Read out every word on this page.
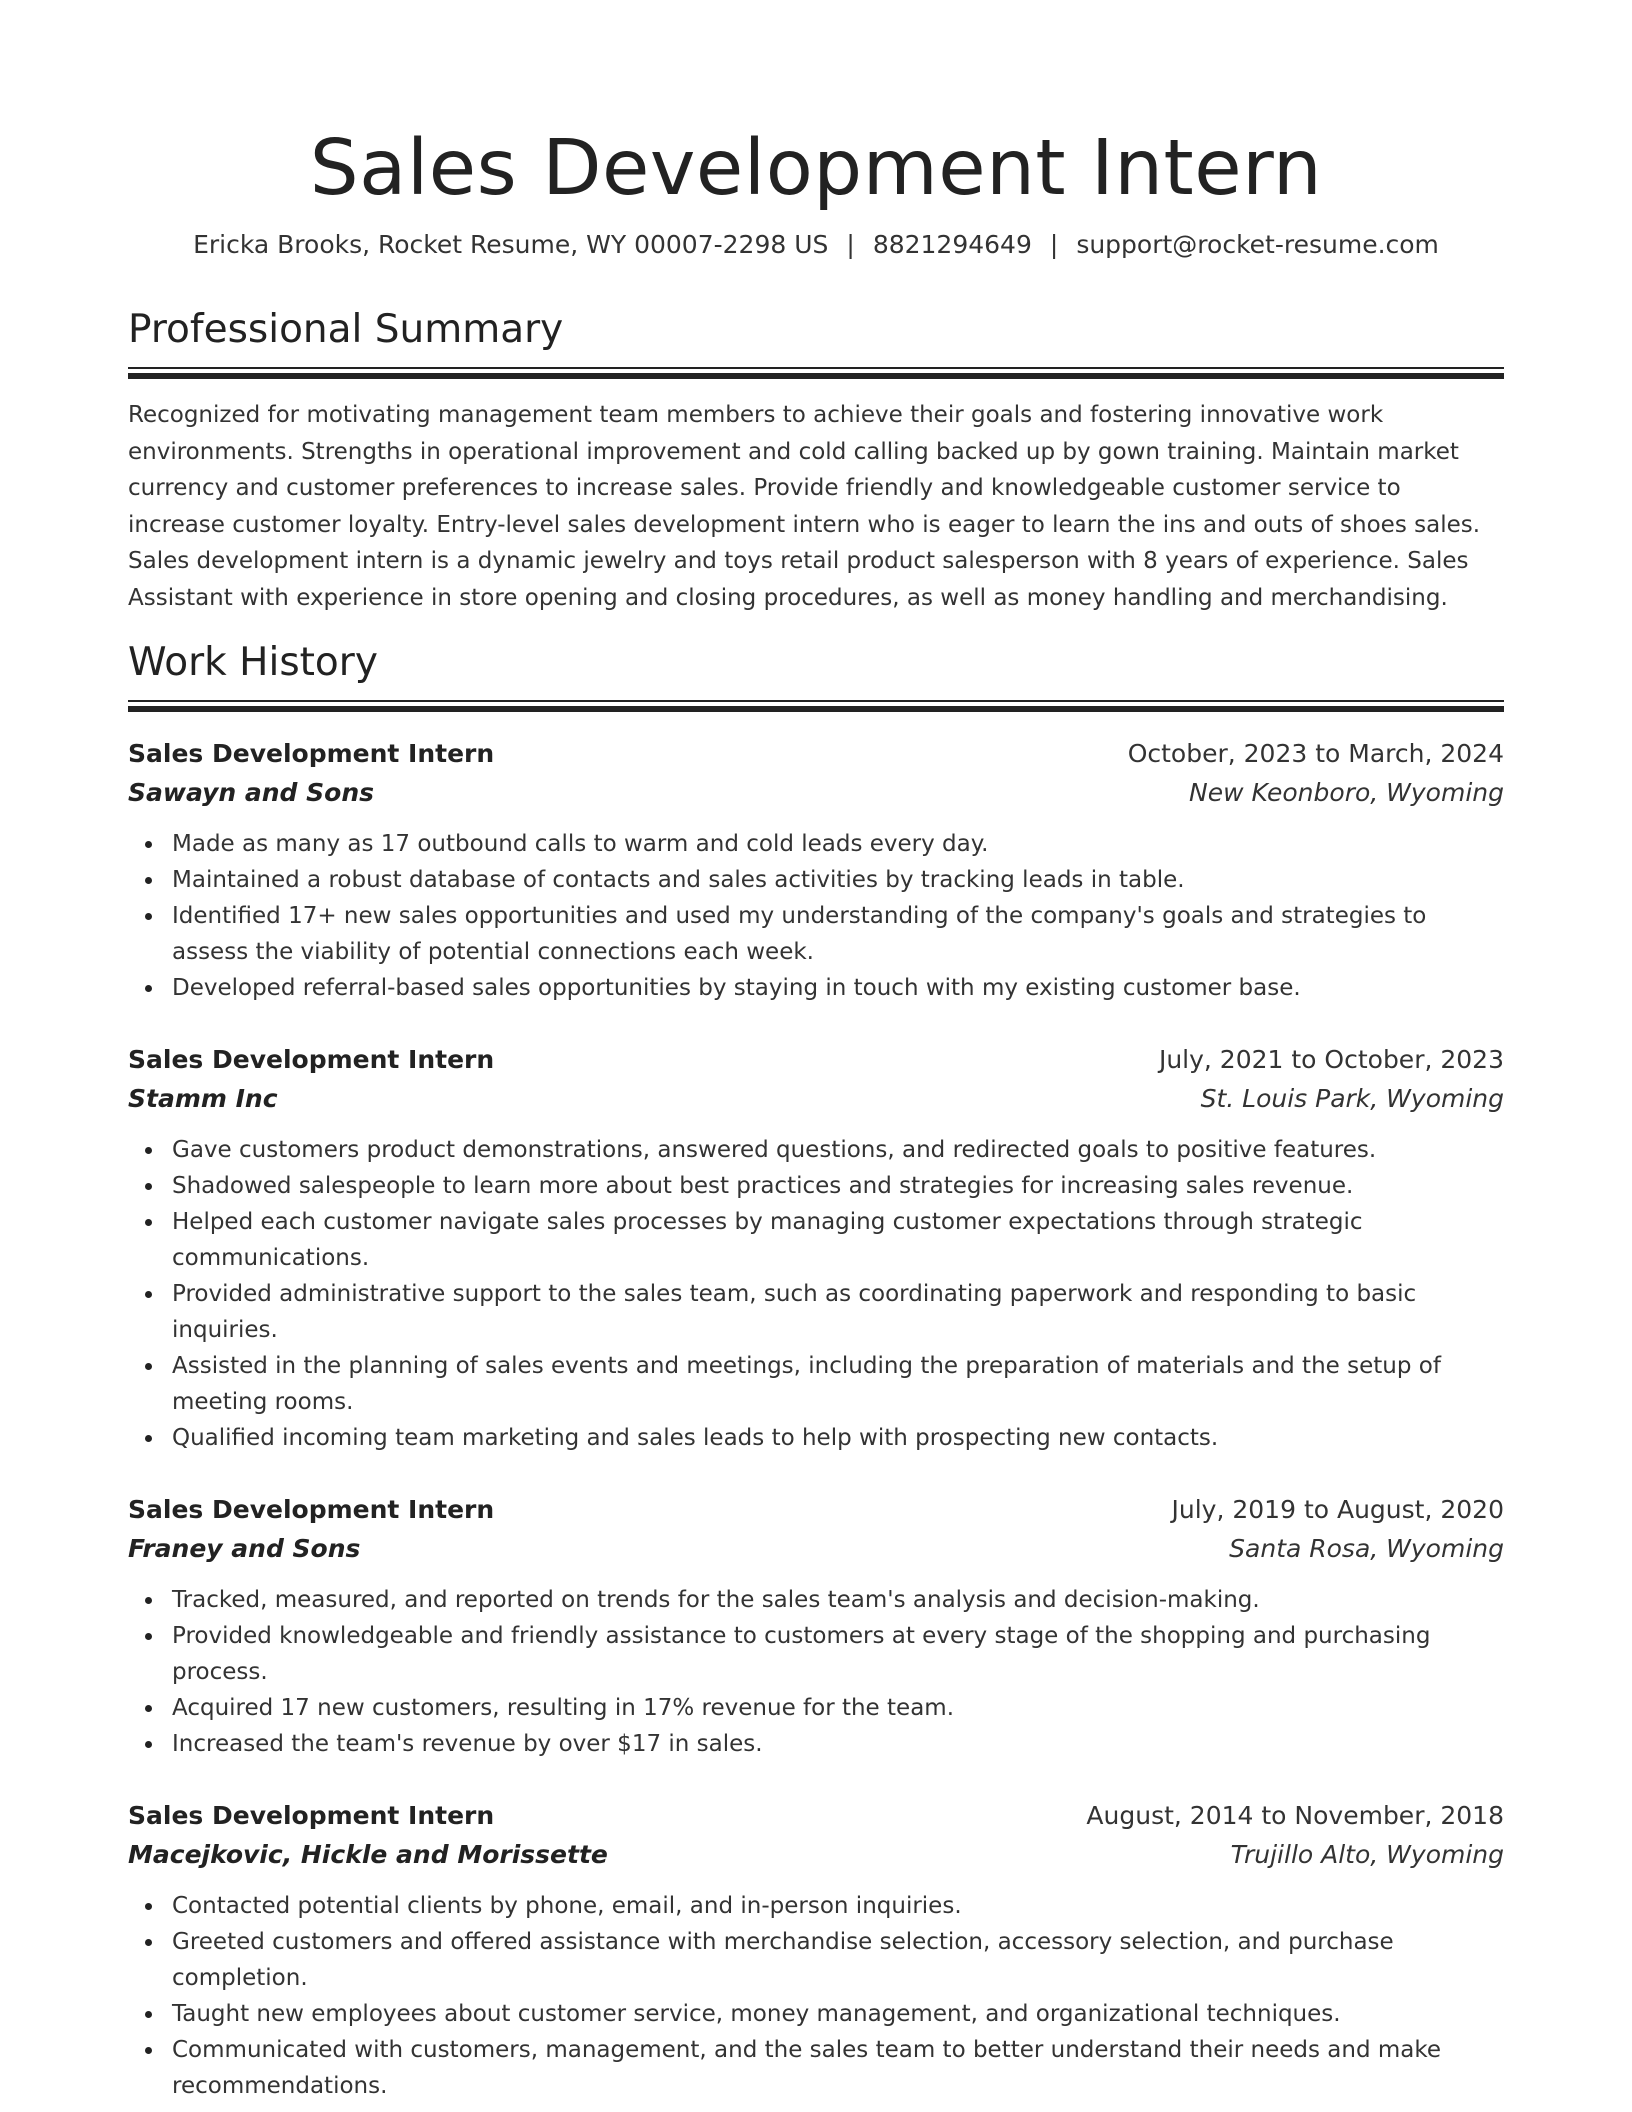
Sales Development Intern
Ericka Brooks, Rocket Resume, WY 00007-2298 US | 8821294649 | support@rocket-resume.com
Professional Summary

Recognized for motivating management team members to achieve their goals and fostering innovative work environments. Strengths in operational improvement and cold calling backed up by gown training. Maintain market currency and customer preferences to increase sales. Provide friendly and knowledgeable customer service to increase customer loyalty. Entry-level sales development intern who is eager to learn the ins and outs of shoes sales. Sales development intern is a dynamic jewelry and toys retail product salesperson with 8 years of experience. Sales Assistant with experience in store opening and closing procedures, as well as money handling and merchandising.

Work History
Sales Development Intern	October, 2023 to March, 2024
Sawayn and Sons	New Keonboro, Wyoming
Made as many as 17 outbound calls to warm and cold leads every day.
Maintained a robust database of contacts and sales activities by tracking leads in table.
Identified 17+ new sales opportunities and used my understanding of the company's goals and strategies to assess the viability of potential connections each week.
Developed referral-based sales opportunities by staying in touch with my existing customer base.
Sales Development Intern	July, 2021 to October, 2023
Stamm Inc	St. Louis Park, Wyoming
Gave customers product demonstrations, answered questions, and redirected goals to positive features.
Shadowed salespeople to learn more about best practices and strategies for increasing sales revenue.
Helped each customer navigate sales processes by managing customer expectations through strategic communications.
Provided administrative support to the sales team, such as coordinating paperwork and responding to basic inquiries.
Assisted in the planning of sales events and meetings, including the preparation of materials and the setup of meeting rooms.
Qualified incoming team marketing and sales leads to help with prospecting new contacts.
Sales Development Intern	July, 2019 to August, 2020
Franey and Sons	Santa Rosa, Wyoming
Tracked, measured, and reported on trends for the sales team's analysis and decision-making.
Provided knowledgeable and friendly assistance to customers at every stage of the shopping and purchasing process.
Acquired 17 new customers, resulting in 17% revenue for the team.
Increased the team's revenue by over $17 in sales.
Sales Development Intern	August, 2014 to November, 2018
Macejkovic, Hickle and Morissette	Trujillo Alto, Wyoming
Contacted potential clients by phone, email, and in-person inquiries.
Greeted customers and offered assistance with merchandise selection, accessory selection, and purchase completion.
Taught new employees about customer service, money management, and organizational techniques.
Communicated with customers, management, and the sales team to better understand their needs and make recommendations.
